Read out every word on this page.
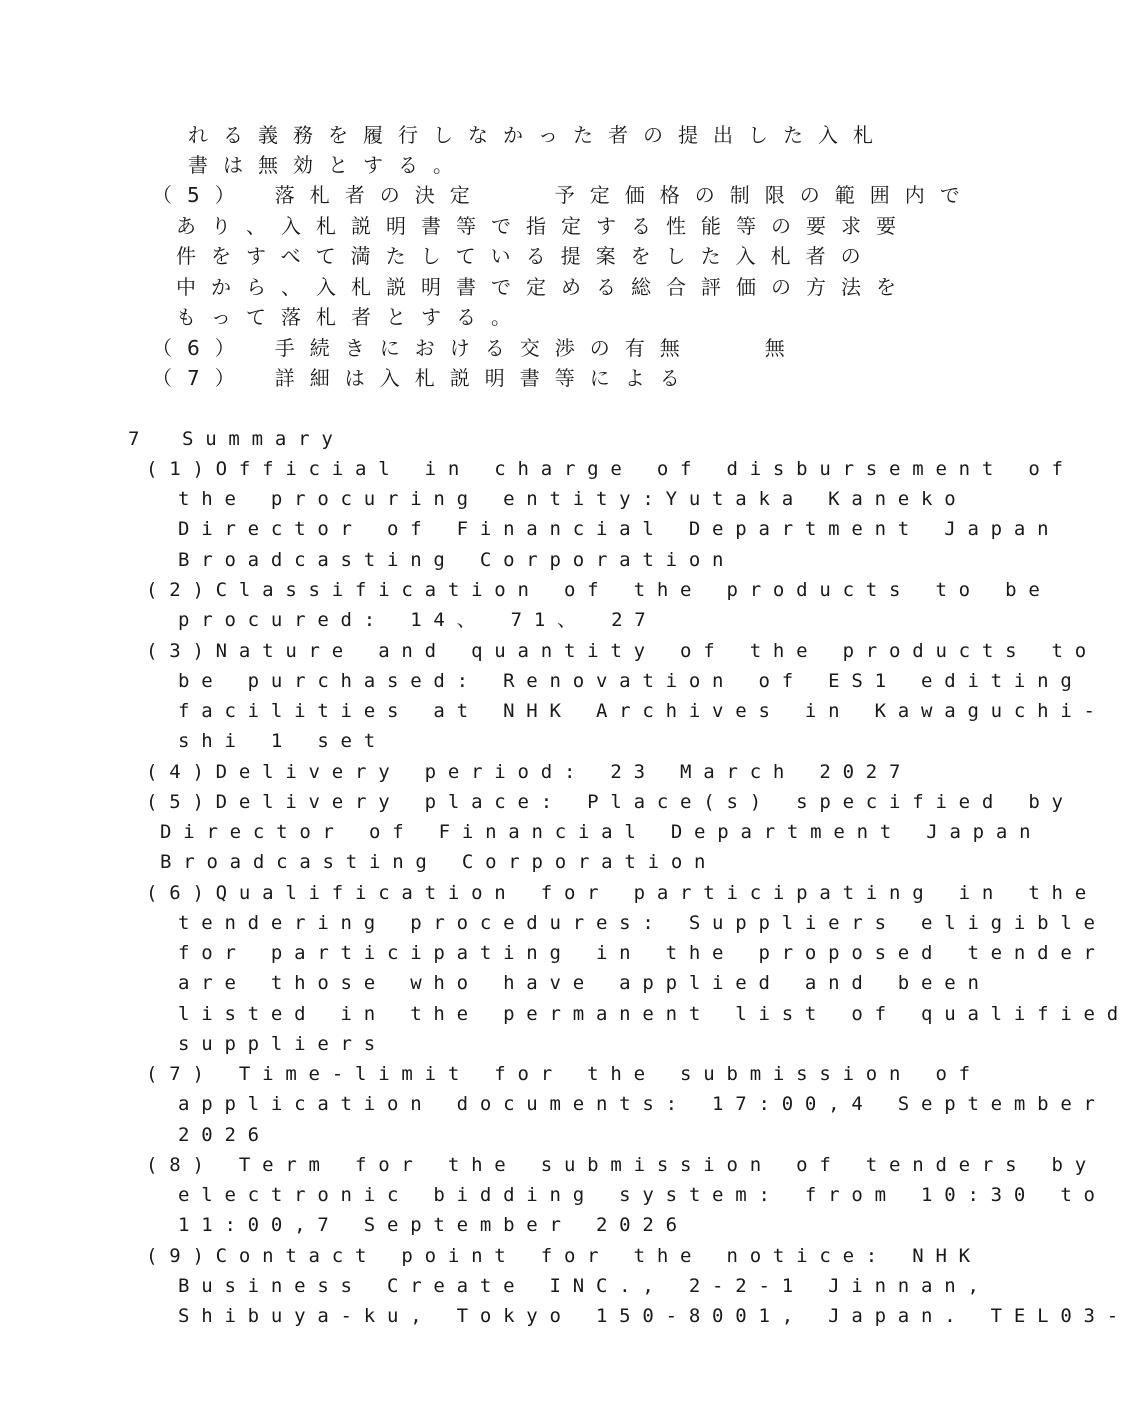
れる義務を履行しなかった者の提出した入札
書は無効とする。
（5）　落札者の決定　　予定価格の制限の範囲内で
あり、入札説明書等で指定する性能等の要求要
件をすべて満たしている提案をした入札者の
中から、入札説明書で定める総合評価の方法を
もって落札者とする。
（6）　手続きにおける交渉の有無　　無
（7）　詳細は入札説明書等による
7　Summary
(1)Official in charge of disbursement of
the procuring entity:Yutaka Kaneko
Director of Financial Department Japan
Broadcasting Corporation
(2)Classification of the products to be
procured: 14、 71、 27
(3)Nature and quantity of the products to
be purchased: Renovation of ES1 editing
facilities at NHK Archives in Kawaguchi-
shi 1 set
(4)Delivery period: 23 March 2027
(5)Delivery place: Place(s) specified by
Director of Financial Department Japan
Broadcasting Corporation
(6)Qualification for participating in the
tendering procedures: Suppliers eligible
for participating in the proposed tender
are those who have applied and been
listed in the permanent list of qualified
suppliers
(7) Time-limit for the submission of
application documents: 17:00,4 September
2026
(8) Term for the submission of tenders by
electronic bidding system: from 10:30 to
11:00,7 September 2026
(9)Contact point for the notice: NHK
Business Create INC., 2-2-1 Jinnan,
Shibuya-ku, Tokyo 150-8001, Japan. TEL03-
